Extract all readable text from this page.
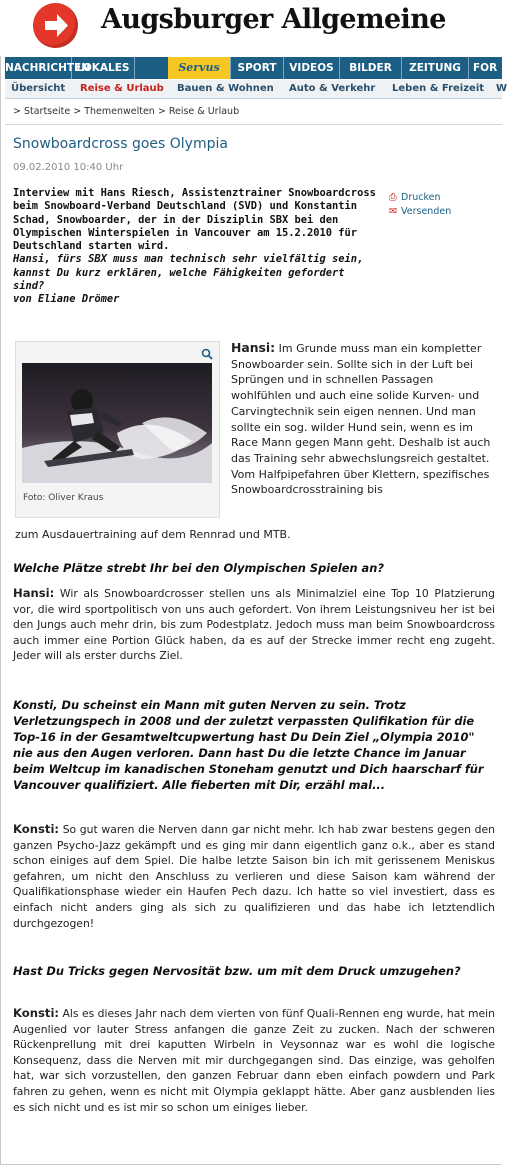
Augsburger Allgemeine
NACHRICHTEN
LOKALES	Servus	SPORT	VIDEOS	BILDER	ZEITUNG	FOR
Übersicht Reise & Urlaub Bauen & Wohnen Auto & Verkehr Leben & Freizeit W
> Startseite > Themenwelten > Reise & Urlaub
Snowboardcross goes Olympia
09.02.2010 10:40 Uhr
Interview mit Hans Riesch, Assistenztrainer Snowboardcross beim Snowboard-Verband Deutschland (SVD) und Konstantin Schad, Snowboarder, der in der Disziplin SBX bei den Olympischen Winterspielen in Vancouver am 15.2.2010 für Deutschland starten wird.
Hansi, fürs SBX muss man technisch sehr vielfältig sein, kannst Du kurz erklären, welche Fähigkeiten gefordert sind?
von Eliane Drömer
⎙ Drucken
✉ Versenden
Foto: Oliver Kraus
Hansi: Im Grunde muss man ein kompletter Snowboarder sein. Sollte sich in der Luft bei Sprüngen und in schnellen Passagen wohlfühlen und auch eine solide Kurven- und Carvingtechnik sein eigen nennen. Und man sollte ein sog. wilder Hund sein, wenn es im Race Mann gegen Mann geht. Deshalb ist auch das Training sehr abwechslungsreich gestaltet. Vom Halfpipefahren über Klettern, spezifisches Snowboardcrosstraining bis
zum Ausdauertraining auf dem Rennrad und MTB.
Welche Plätze strebt Ihr bei den Olympischen Spielen an?
Hansi: Wir als Snowboardcrosser stellen uns als Minimalziel eine Top 10 Platzierung vor, die wird sportpolitisch von uns auch gefordert. Von ihrem Leistungsniveu her ist bei den Jungs auch mehr drin, bis zum Podestplatz. Jedoch muss man beim Snowboardcross auch immer eine Portion Glück haben, da es auf der Strecke immer recht eng zugeht. Jeder will als erster durchs Ziel.
Konsti, Du scheinst ein Mann mit guten Nerven zu sein. Trotz Verletzungspech in 2008 und der zuletzt verpassten Qulifikation für die Top-16 in der Gesamtweltcupwertung hast Du Dein Ziel „Olympia 2010" nie aus den Augen verloren. Dann hast Du die letzte Chance im Januar beim Weltcup im kanadischen Stoneham genutzt und Dich haarscharf für Vancouver qualifiziert. Alle fieberten mit Dir, erzähl mal...
Konsti: So gut waren die Nerven dann gar nicht mehr. Ich hab zwar bestens gegen den ganzen Psycho-Jazz gekämpft und es ging mir dann eigentlich ganz o.k., aber es stand schon einiges auf dem Spiel. Die halbe letzte Saison bin ich mit gerissenem Meniskus gefahren, um nicht den Anschluss zu verlieren und diese Saison kam während der Qualifikationsphase wieder ein Haufen Pech dazu. Ich hatte so viel investiert, dass es einfach nicht anders ging als sich zu qualifizieren und das habe ich letztendlich durchgezogen!
Hast Du Tricks gegen Nervosität bzw. um mit dem Druck umzugehen?
Konsti: Als es dieses Jahr nach dem vierten von fünf Quali-Rennen eng wurde, hat mein Augenlied vor lauter Stress anfangen die ganze Zeit zu zucken. Nach der schweren Rückenprellung mit drei kaputten Wirbeln in Veysonnaz war es wohl die logische Konsequenz, dass die Nerven mit mir durchgegangen sind. Das einzige, was geholfen hat, war sich vorzustellen, den ganzen Februar dann eben einfach powdern und Park fahren zu gehen, wenn es nicht mit Olympia geklappt hätte. Aber ganz ausblenden lies es sich nicht und es ist mir so schon um einiges lieber.
